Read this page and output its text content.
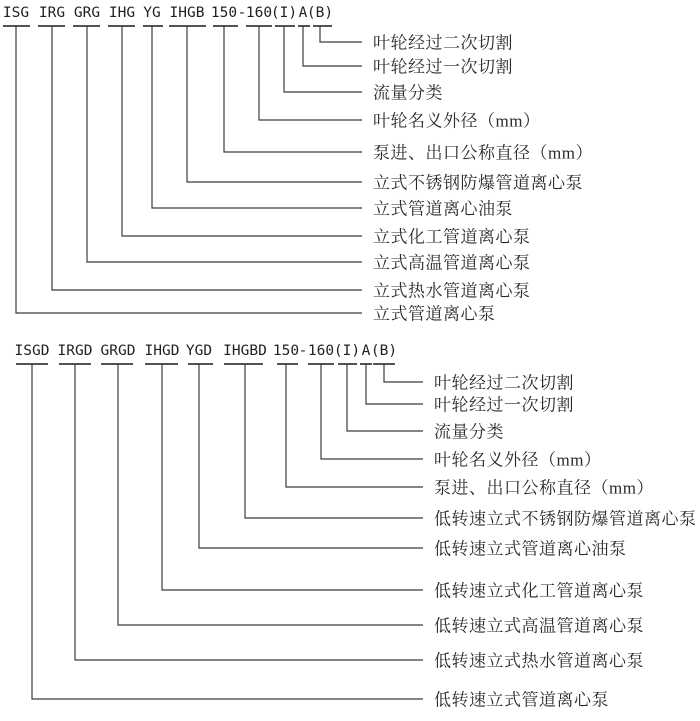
ISG IRG GRG IHG YG IHGB 150 160
(I) A (B)
-
叶轮经过二次切割
叶轮经过一次切割
流量分类
叶轮名义外径（mm）
泵进、出口公称直径（mm）
立式不锈钢防爆管道离心泵
立式管道离心油泵
立式化工管道离心泵
立式高温管道离心泵
立式热水管道离心泵
立式管道离心泵
ISGD IRGD GRGD IHGD YGD IHGBD 150 160 (I) A (B)
-
叶轮经过二次切割
叶轮经过一次切割
流量分类
叶轮名义外径（mm）
泵进、出口公称直径（mm）
低转速立式不锈钢防爆管道离心泵
低转速立式管道离心油泵
低转速立式化工管道离心泵
低转速立式高温管道离心泵
低转速立式热水管道离心泵
低转速立式管道离心泵
